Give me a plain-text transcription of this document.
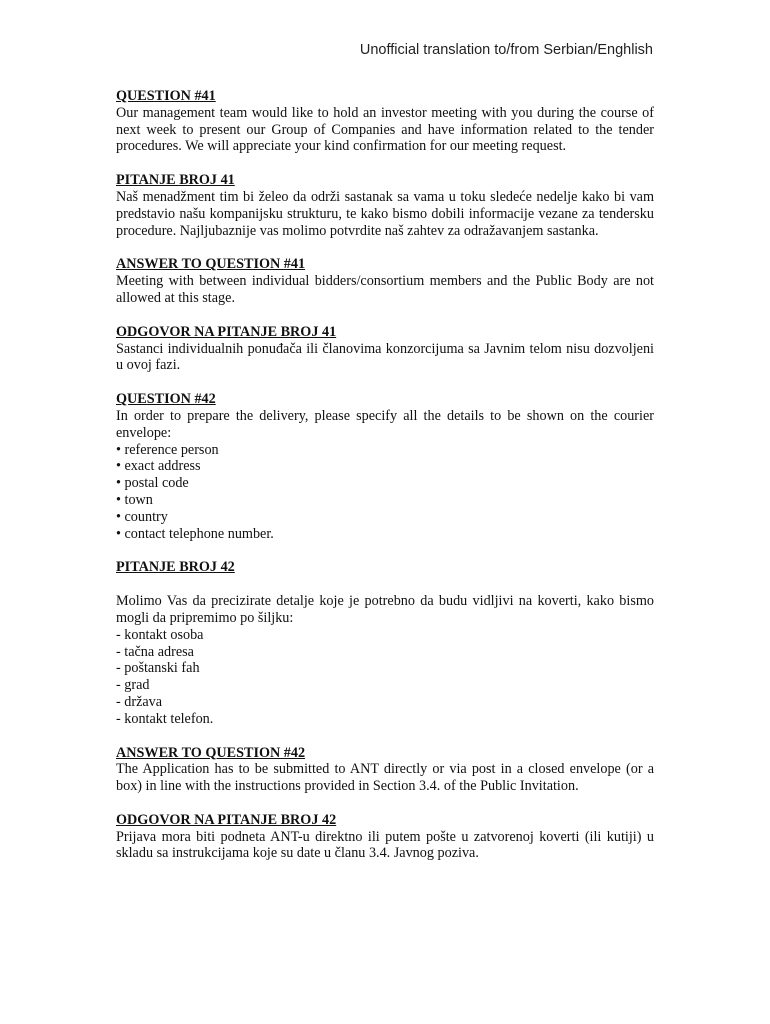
Unofficial translation to/from Serbian/Enghlish
QUESTION #41

Our management team would like to hold an investor meeting with you during the course of next week to present our Group of Companies and have information related to the tender procedures. We will appreciate your kind confirmation for our meeting request.

PITANJE BROJ 41

Naš menadžment tim bi želeo da održi sastanak sa vama u toku sledeće nedelje kako bi vam predstavio našu kompanijsku strukturu, te kako bismo dobili informacije vezane za tendersku procedure. Najljubaznije vas molimo potvrdite naš zahtev za odražavanjem sastanka.

ANSWER TO QUESTION #41

Meeting with between individual bidders/consortium members and the Public Body are not allowed at this stage.

ODGOVOR NA PITANJE BROJ 41

Sastanci individualnih ponuđača ili članovima konzorcijuma sa Javnim telom nisu dozvoljeni u ovoj fazi.

QUESTION #42

In order to prepare the delivery, please specify all the details to be shown on the courier envelope:

• reference person
• exact address
• postal code
• town
• country
• contact telephone number.
PITANJE BROJ 42

Molimo Vas da precizirate detalje koje je potrebno da budu vidljivi na koverti, kako bismo mogli da pripremimo po šiljku:

- kontakt osoba
- tačna adresa
- poštanski fah
- grad
- država
- kontakt telefon.
ANSWER TO QUESTION #42

The Application has to be submitted to ANT directly or via post in a closed envelope (or a box) in line with the instructions provided in Section 3.4. of the Public Invitation.

ODGOVOR NA PITANJE BROJ 42

Prijava mora biti podneta ANT-u direktno ili putem pošte u zatvorenoj koverti (ili kutiji) u skladu sa instrukcijama koje su date u članu 3.4. Javnog poziva.
